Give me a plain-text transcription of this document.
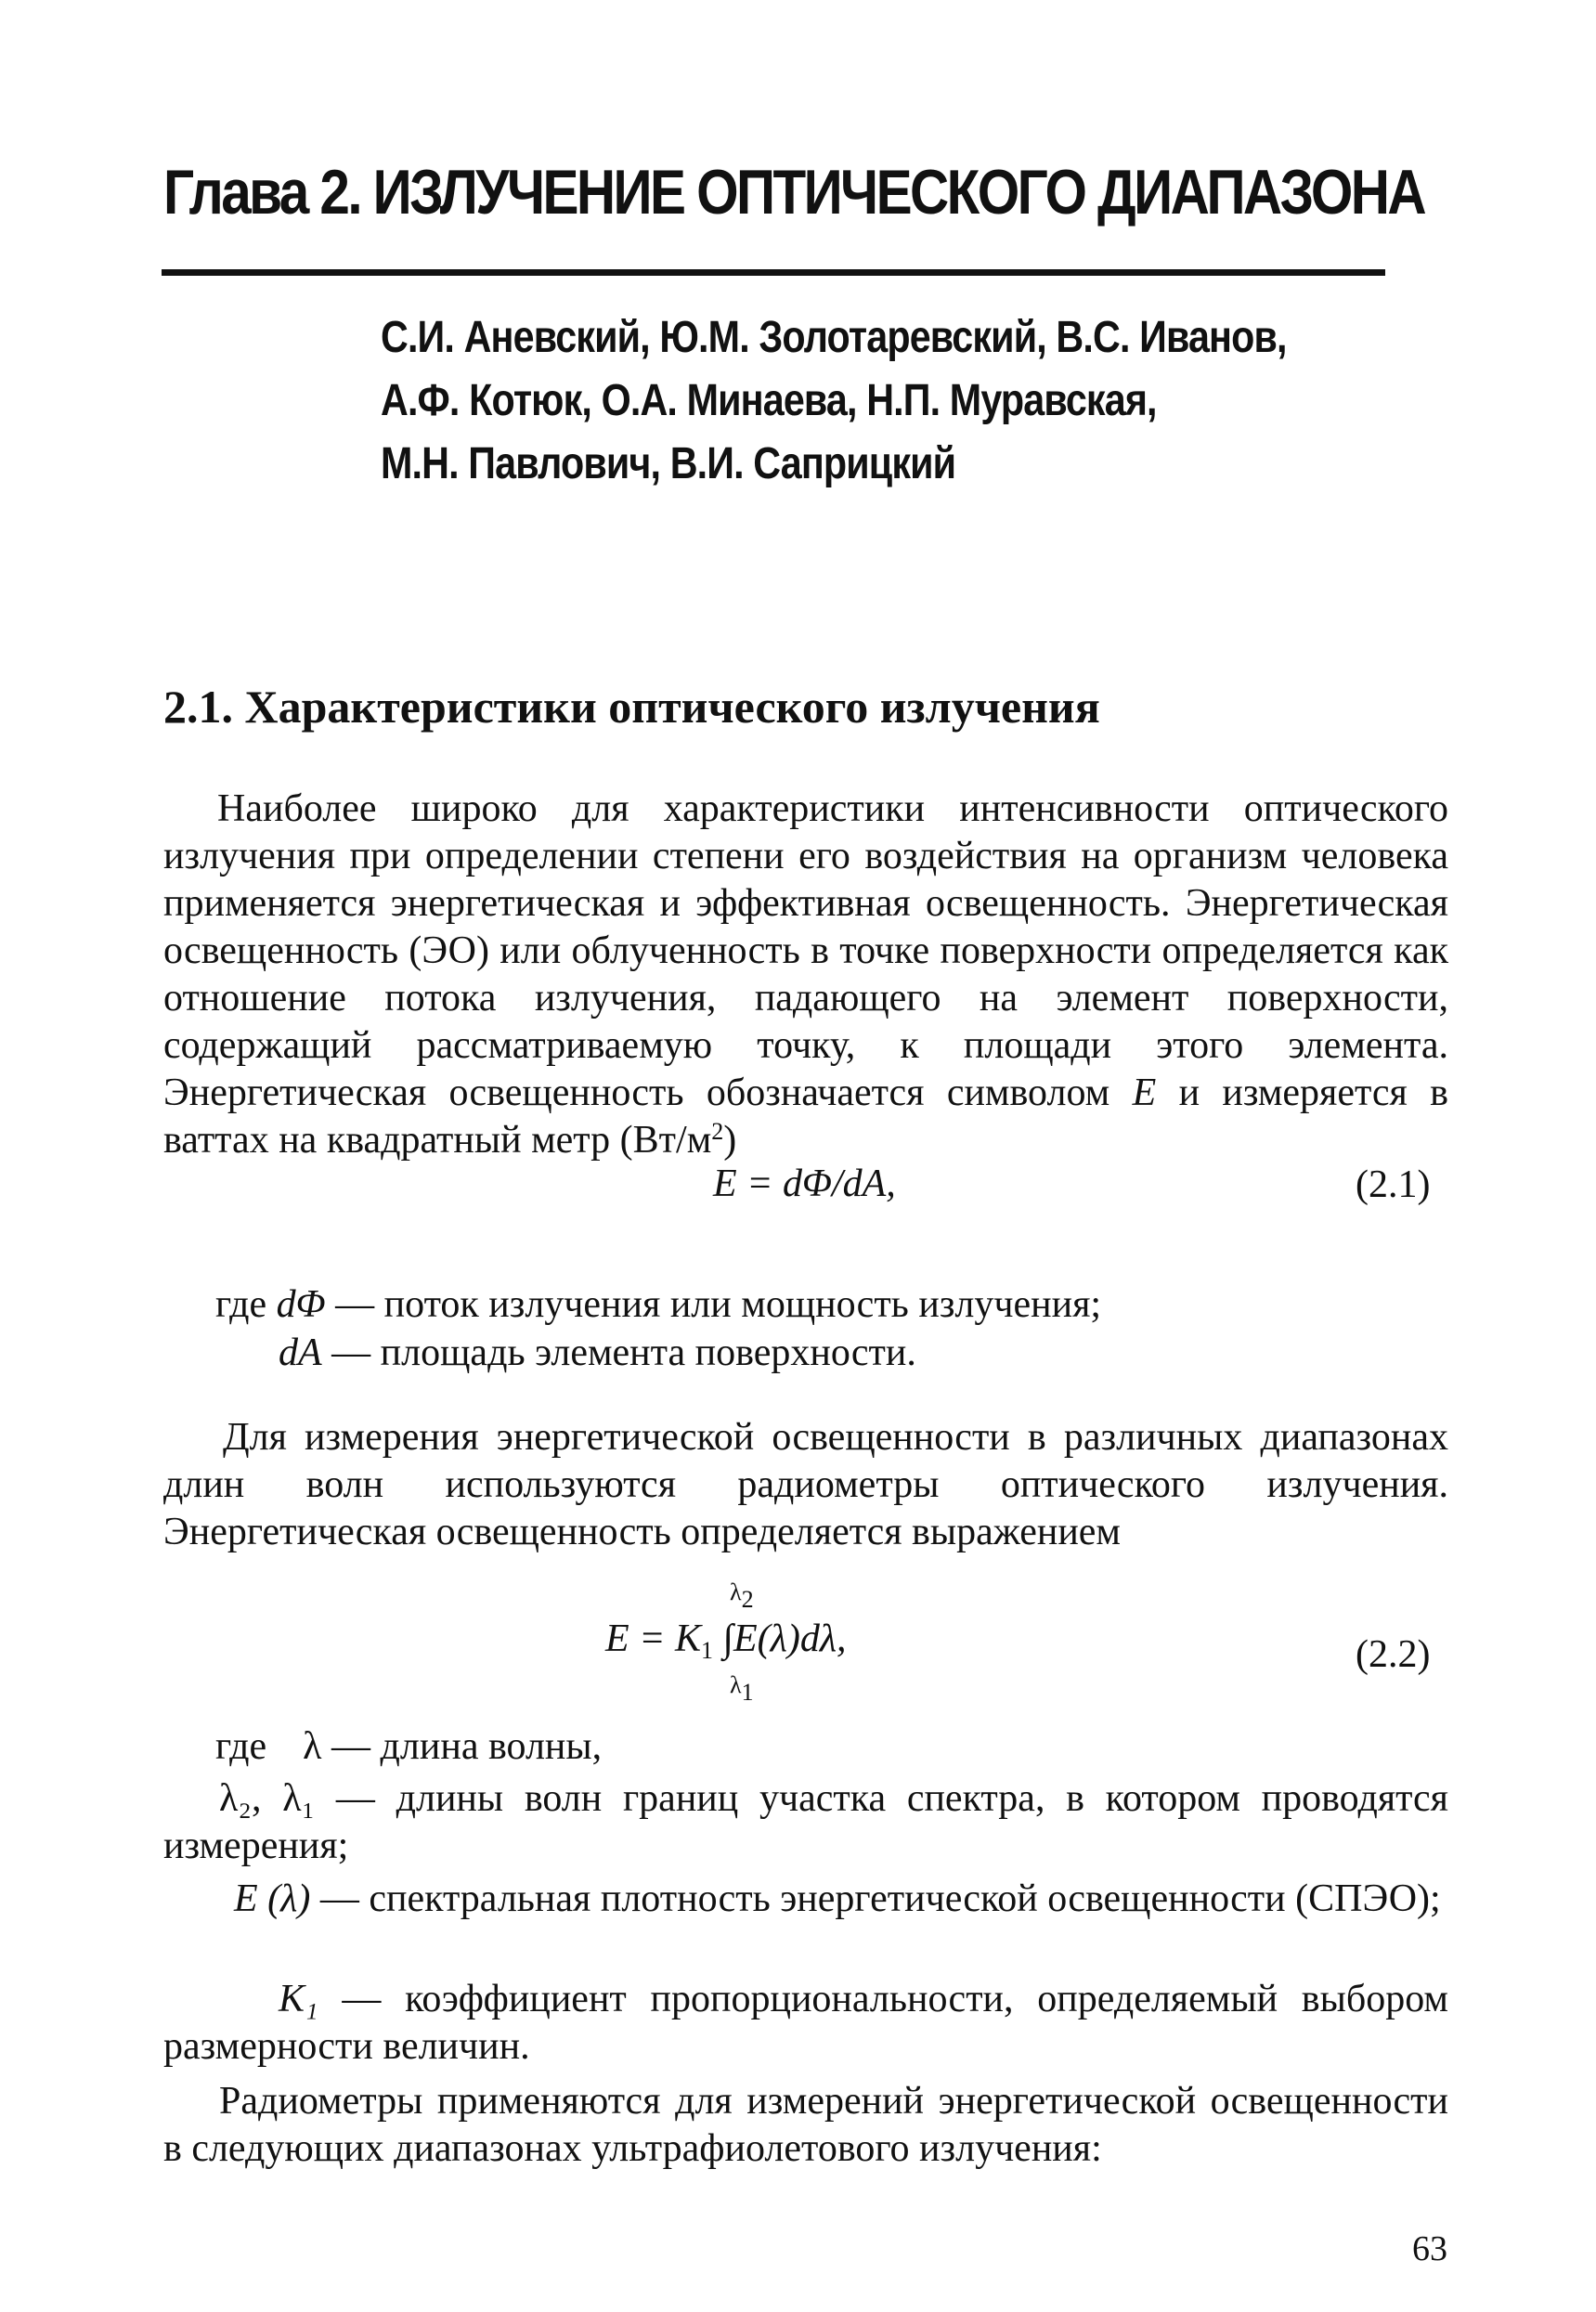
Глава 2. ИЗЛУЧЕНИЕ ОПТИЧЕСКОГО ДИАПАЗОНА
С.И. Аневский, Ю.М. Золотаревский, В.С. Иванов,
А.Ф. Котюк, О.А. Минаева, Н.П. Муравская,
М.Н. Павлович, В.И. Саприцкий
2.1. Характеристики оптического излучения
Наиболее широко для характеристики интенсивности оптического излучения при определении степени его воздействия на организм человека применяется энергетическая и эффективная освещенность. Энергетическая освещенность (ЭО) или облученность в точке поверхности определяется как отношение потока излучения, падающего на элемент поверхности, содержащий рассматриваемую точку, к площади этого элемента. Энергетическая освещенность обозначается символом E и измеряется в ваттах на квадратный метр $(Вт/м^2)$
E = dΦ/dA,	(2.1)
где dΦ — поток излучения или мощность излучения;
dA — площадь элемента поверхности.
Для измерения энергетической освещенности в различных диапазонах длин волн используются радиометры оптического излучения. Энергетическая освещенность определяется выражением
$\lambda_2$
$E = K_1$ ∫E(λ)dλ,
$\lambda_1$
(2.2)
где λ — длина волны,
λ₂, λ₁ — длины волн границ участка спектра, в котором проводятся измерения;
E (λ) — спектральная плотность энергетической освещенности (СПЭО);
K₁ — коэффициент пропорциональности, определяемый выбором размерности величин.
Радиометры применяются для измерений энергетической освещенности в следующих диапазонах ультрафиолетового излучения:
63
